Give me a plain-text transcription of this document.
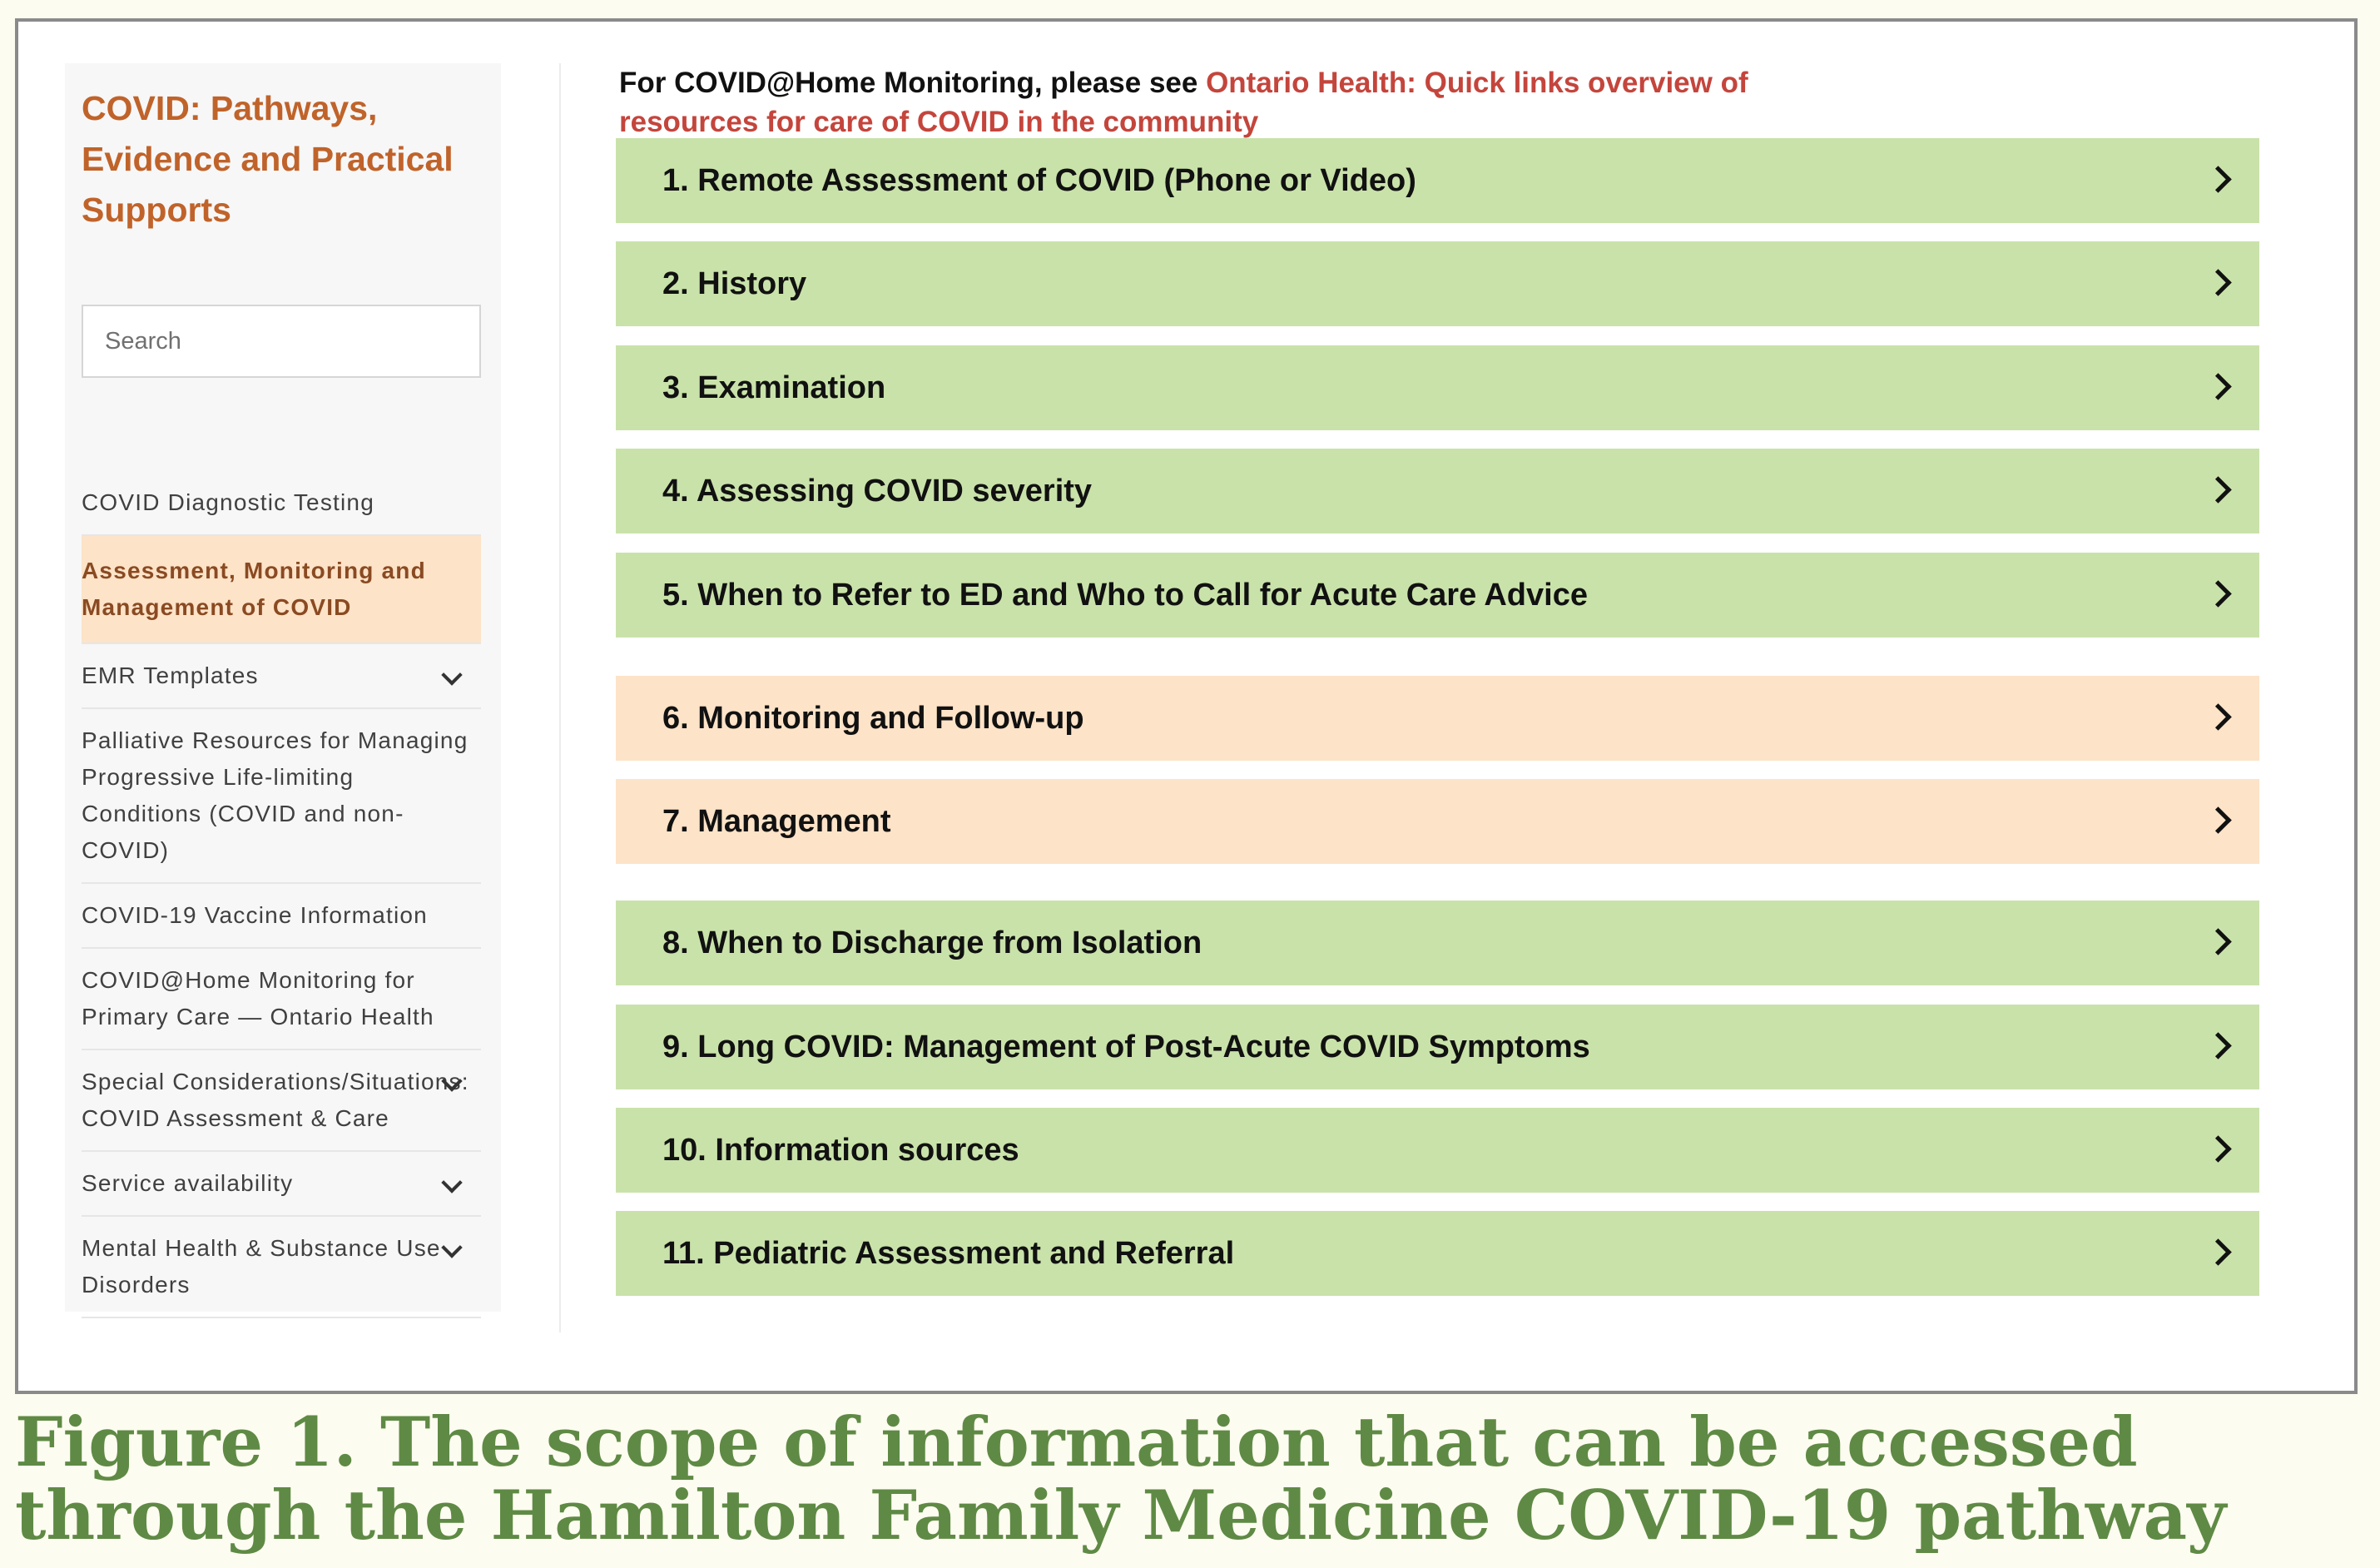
COVID: Pathways, Evidence and Practical Supports
Search
COVID Diagnostic Testing
Assessment, Monitoring and Management of COVID
EMR Templates
Palliative Resources for Managing Progressive Life-limiting Conditions (COVID and non-COVID)
COVID-19 Vaccine Information
COVID@Home Monitoring for Primary Care — Ontario Health
Special Considerations/Situations: COVID Assessment & Care
Service availability
Mental Health & Substance Use Disorders

For COVID@Home Monitoring, please see Ontario Health: Quick links overview of resources for care of COVID in the community

1. Remote Assessment of COVID (Phone or Video)
2. History
3. Examination
4. Assessing COVID severity
5. When to Refer to ED and Who to Call for Acute Care Advice
6. Monitoring and Follow-up
7. Management
8. When to Discharge from Isolation
9. Long COVID: Management of Post-Acute COVID Symptoms
10. Information sources
11. Pediatric Assessment and Referral

Figure 1. The scope of information that can be accessed through the Hamilton Family Medicine COVID-19 pathway
